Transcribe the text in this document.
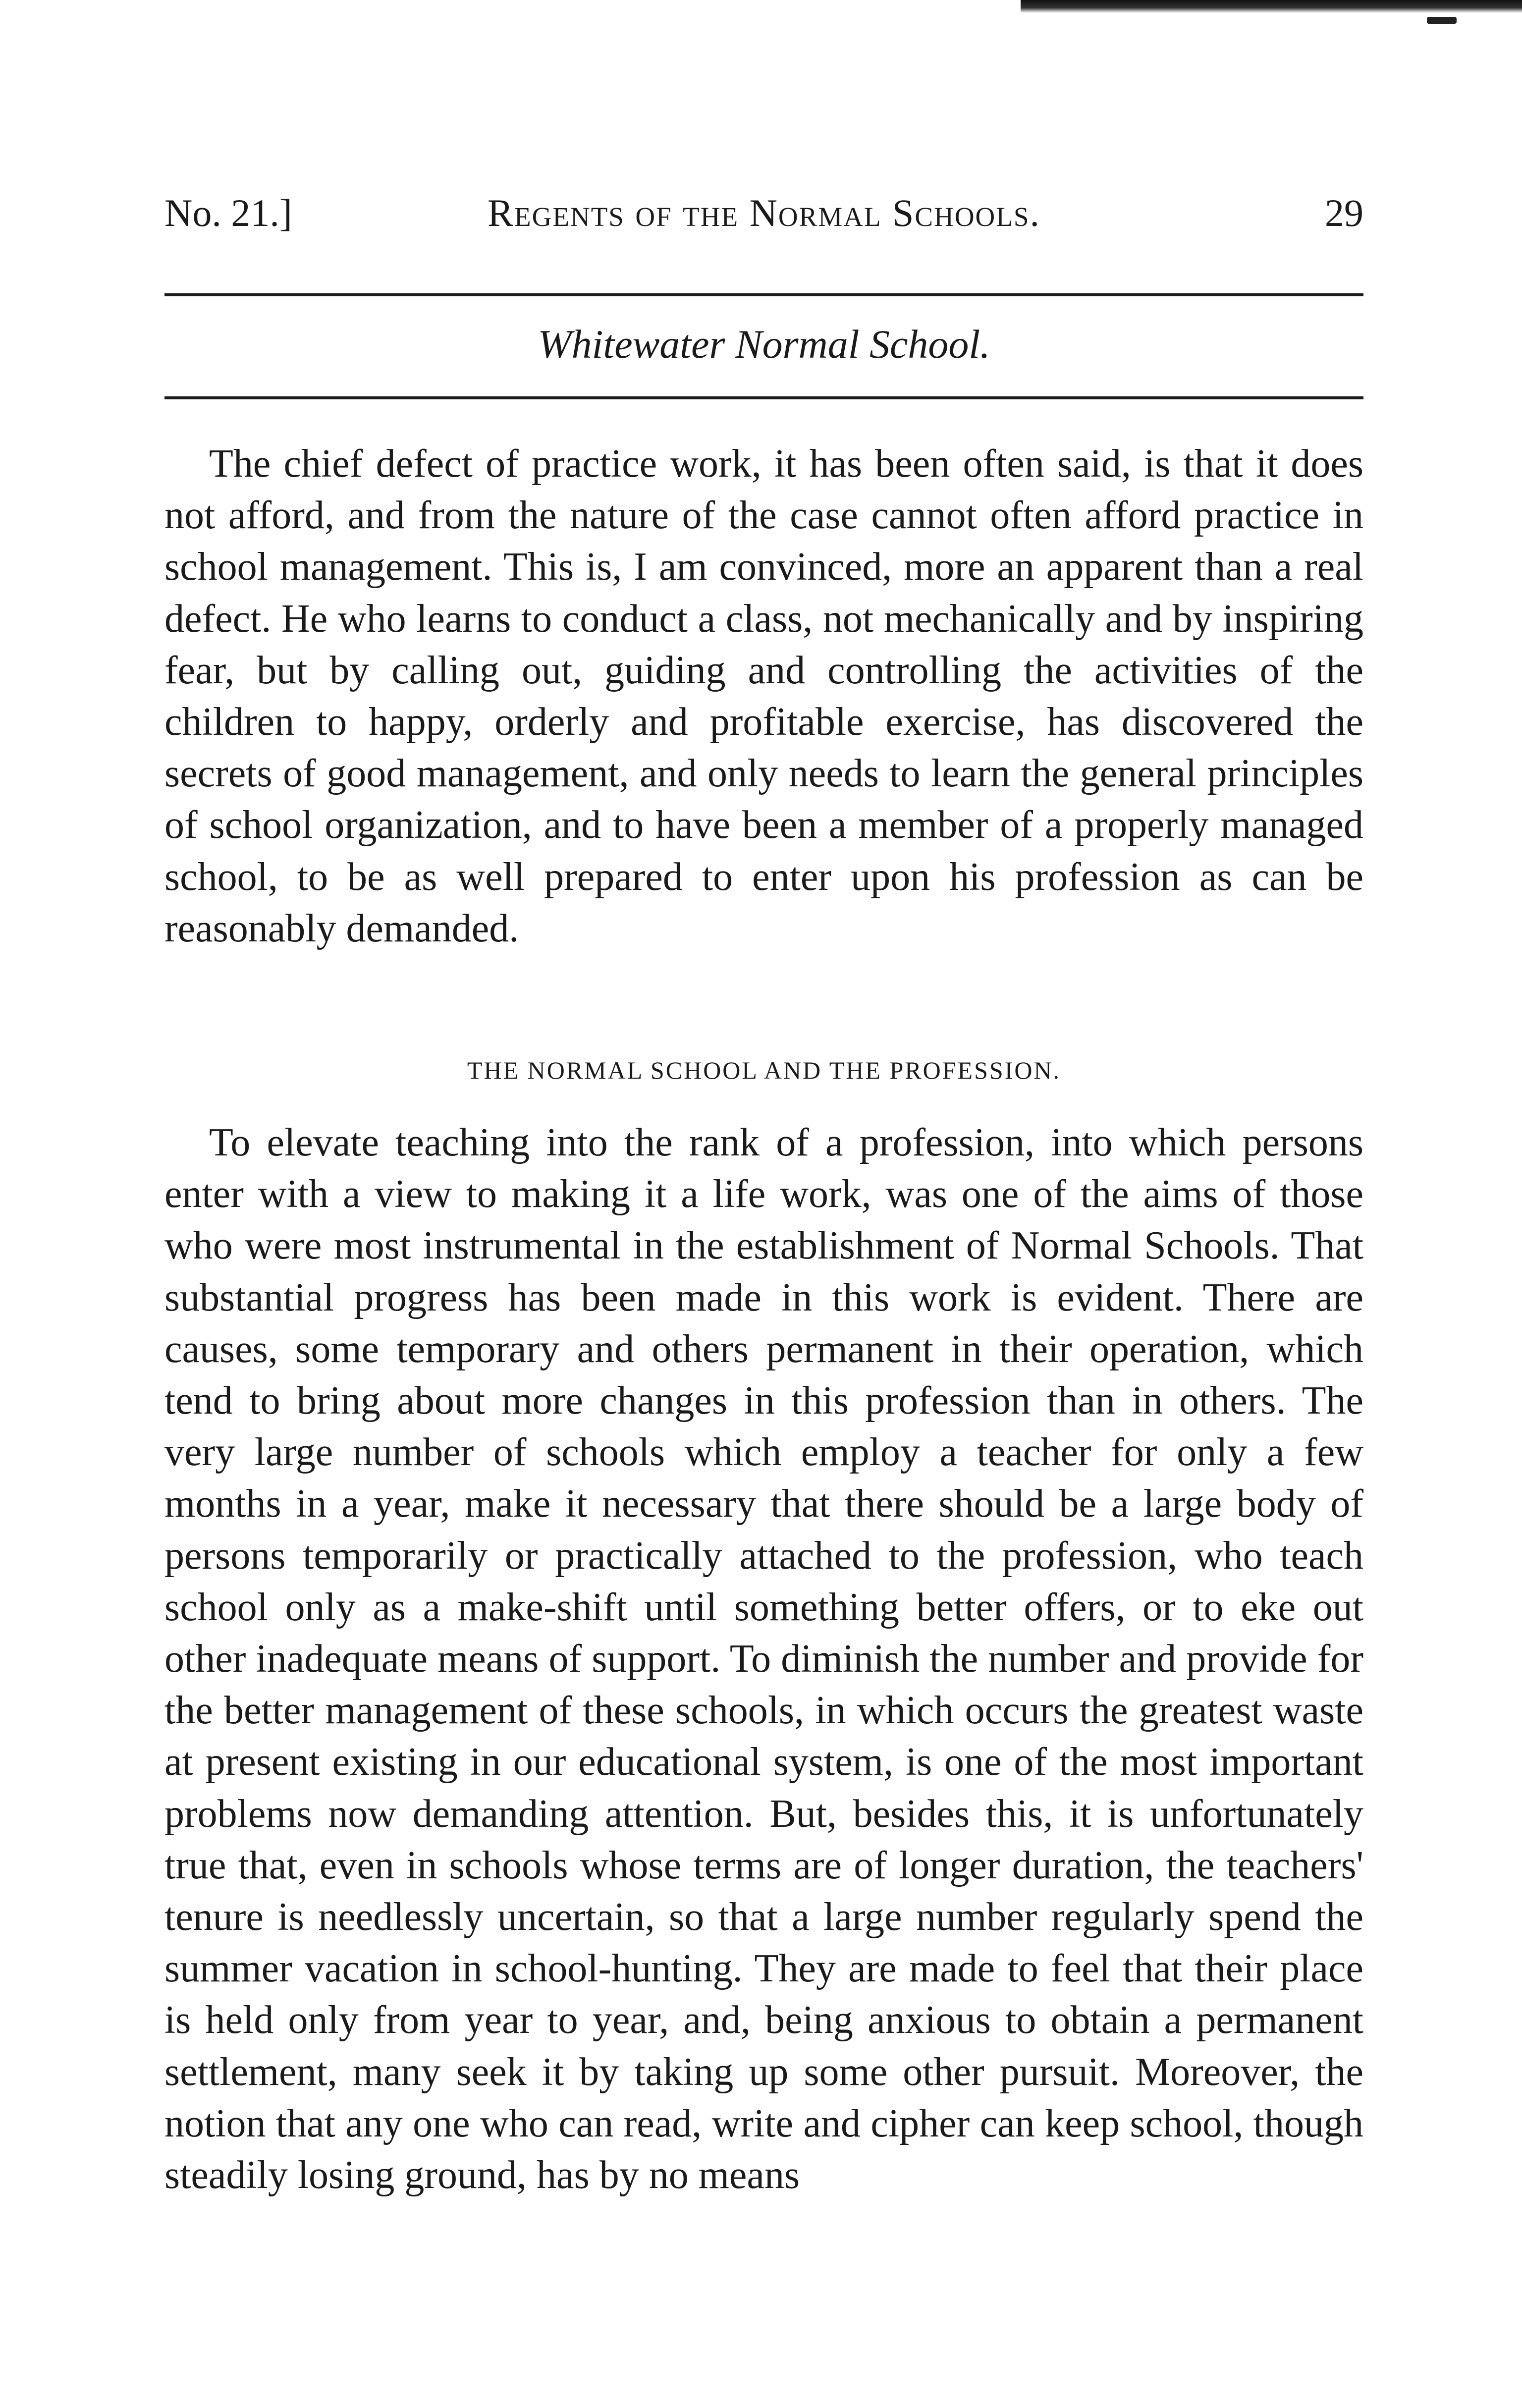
No. 21.]	Regents of the Normal Schools.	29
Whitewater Normal School.

The chief defect of practice work, it has been often said, is that it does not afford, and from the nature of the case cannot often afford practice in school management. This is, I am convinced, more an apparent than a real defect. He who learns to conduct a class, not mechanically and by inspiring fear, but by calling out, guiding and controlling the activities of the children to happy, orderly and profitable exercise, has discovered the secrets of good management, and only needs to learn the general principles of school organization, and to have been a member of a properly managed school, to be as well prepared to enter upon his profession as can be reasonably demanded.

THE NORMAL SCHOOL AND THE PROFESSION.

To elevate teaching into the rank of a profession, into which persons enter with a view to making it a life work, was one of the aims of those who were most instrumental in the establishment of Normal Schools. That substantial progress has been made in this work is evident. There are causes, some temporary and others permanent in their operation, which tend to bring about more changes in this profession than in others. The very large number of schools which employ a teacher for only a few months in a year, make it necessary that there should be a large body of persons temporarily or practically attached to the profession, who teach school only as a make-shift until something better offers, or to eke out other inadequate means of support. To diminish the number and provide for the better management of these schools, in which occurs the greatest waste at present existing in our educational system, is one of the most important problems now demanding attention. But, besides this, it is unfortunately true that, even in schools whose terms are of longer duration, the teachers' tenure is needlessly uncertain, so that a large number regularly spend the summer vacation in school-hunting. They are made to feel that their place is held only from year to year, and, being anxious to obtain a permanent settlement, many seek it by taking up some other pursuit. Moreover, the notion that any one who can read, write and cipher can keep school, though steadily losing ground, has by no means
